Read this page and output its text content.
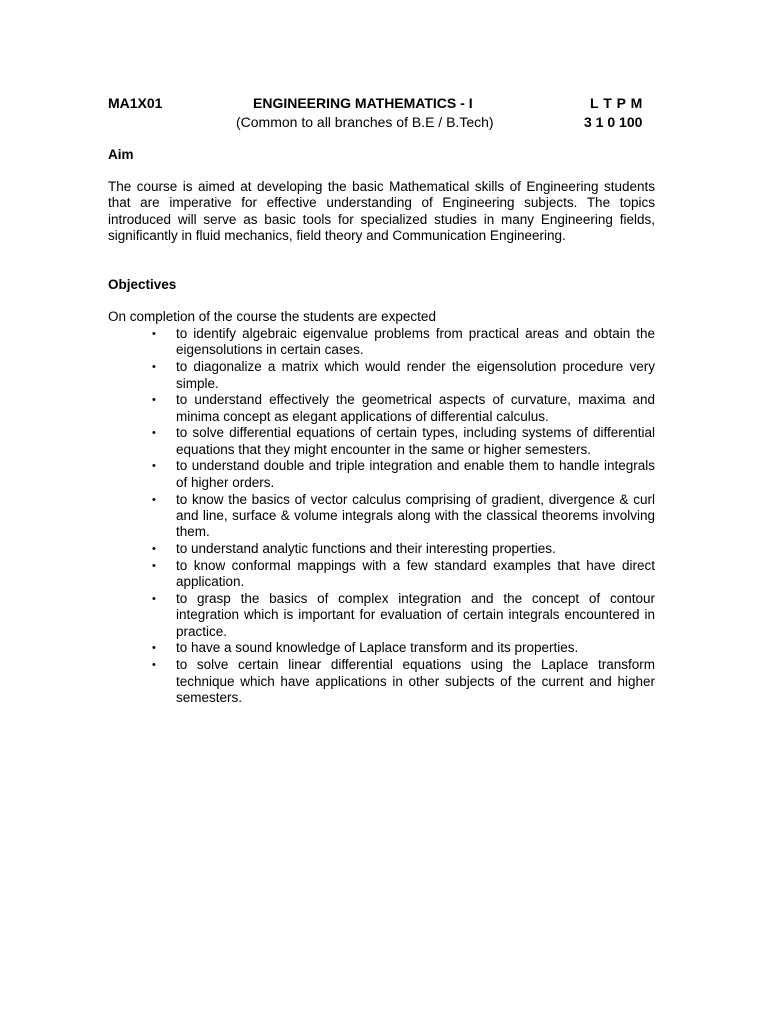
MA1X01	ENGINEERING MATHEMATICS - I
(Common to all branches of B.E / B.Tech)
L T P M
3 1 0 100
Aim
The course is aimed at developing the basic Mathematical skills of Engineering students that are imperative for effective understanding of Engineering subjects. The topics introduced will serve as basic tools for specialized studies in many Engineering fields, significantly in fluid mechanics, field theory and Communication Engineering.
Objectives
On completion of the course the students are expected
•	to identify algebraic eigenvalue problems from practical areas and obtain the eigensolutions in certain cases.
•	to diagonalize a matrix which would render the eigensolution procedure very simple.
•	to understand effectively the geometrical aspects of curvature, maxima and minima concept as elegant applications of differential calculus.
•	to solve differential equations of certain types, including systems of differential equations that they might encounter in the same or higher semesters.
•	to understand double and triple integration and enable them to handle integrals of higher orders.
•	to know the basics of vector calculus comprising of gradient, divergence & curl and line, surface & volume integrals along with the classical theorems involving them.
•	to understand analytic functions and their interesting properties.
•	to know conformal mappings with a few standard examples that have direct application.
•	to grasp the basics of complex integration and the concept of contour integration which is important for evaluation of certain integrals encountered in practice.
•	to have a sound knowledge of Laplace transform and its properties.
•	to solve certain linear differential equations using the Laplace transform technique which have applications in other subjects of the current and higher semesters.
